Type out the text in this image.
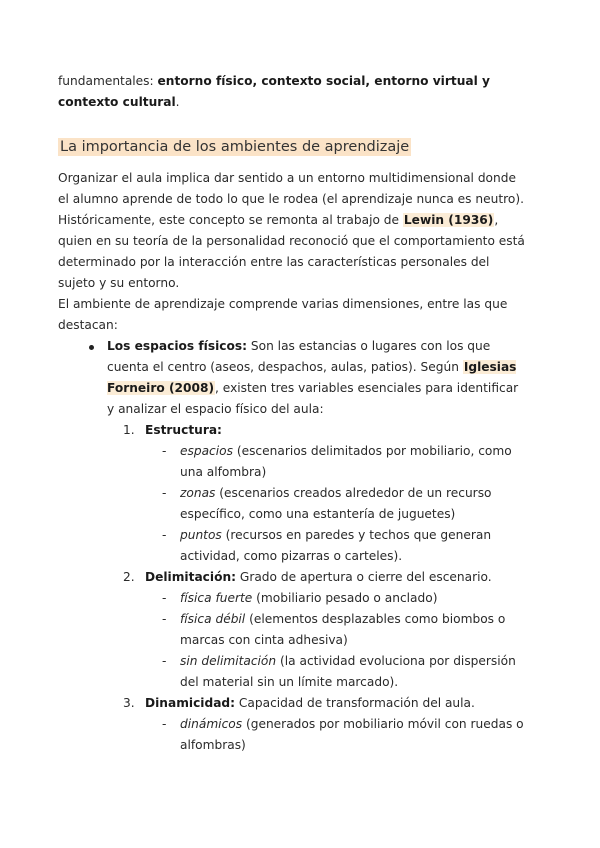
fundamentales: entorno físico, contexto social, entorno virtual y contexto cultural.

La importancia de los ambientes de aprendizaje

Organizar el aula implica dar sentido a un entorno multidimensional donde el alumno aprende de todo lo que le rodea (el aprendizaje nunca es neutro). Históricamente, este concepto se remonta al trabajo de Lewin (1936), quien en su teoría de la personalidad reconoció que el comportamiento está determinado por la interacción entre las características personales del sujeto y su entorno.

El ambiente de aprendizaje comprende varias dimensiones, entre las que destacan:

Los espacios físicos: Son las estancias o lugares con los que cuenta el centro (aseos, despachos, aulas, patios). Según Iglesias Forneiro (2008), existen tres variables esenciales para identificar y analizar el espacio físico del aula:
1. Estructura:
- espacios (escenarios delimitados por mobiliario, como una alfombra)
- zonas (escenarios creados alrededor de un recurso específico, como una estantería de juguetes)
- puntos (recursos en paredes y techos que generan actividad, como pizarras o carteles).
2. Delimitación: Grado de apertura o cierre del escenario.
- física fuerte (mobiliario pesado o anclado)
- física débil (elementos desplazables como biombos o marcas con cinta adhesiva)
- sin delimitación (la actividad evoluciona por dispersión del material sin un límite marcado).
3. Dinamicidad: Capacidad de transformación del aula.
- dinámicos (generados por mobiliario móvil con ruedas o alfombras)
